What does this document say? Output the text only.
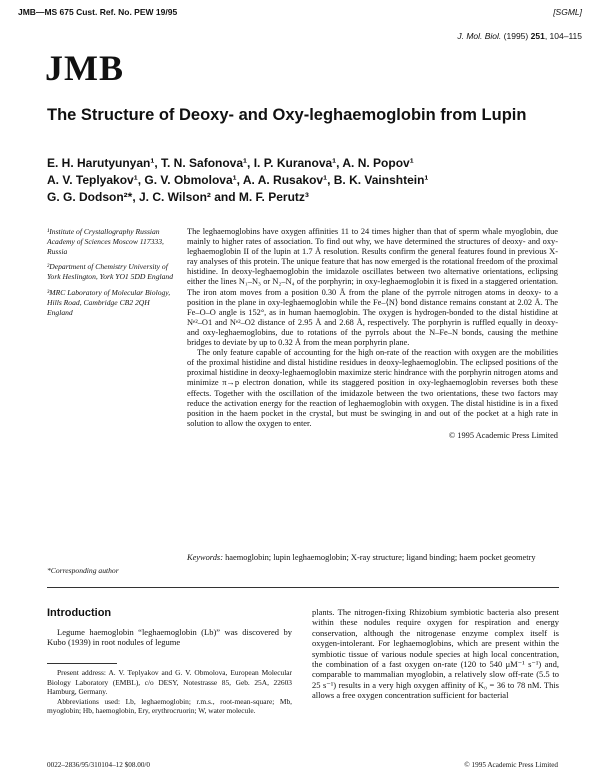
JMB—MS 675 Cust. Ref. No. PEW 19/95	[SGML]
J. Mol. Biol. (1995) 251, 104–115
JMB
The Structure of Deoxy- and Oxy-leghaemoglobin from Lupin
E. H. Harutyunyan¹, T. N. Safonova¹, I. P. Kuranova¹, A. N. Popov¹
A. V. Teplyakov¹, G. V. Obmolova¹, A. A. Rusakov¹, B. K. Vainshtein¹
G. G. Dodson²*, J. C. Wilson² and M. F. Perutz³
¹Institute of Crystallography Russian Academy of Sciences Moscow 117333, Russia
²Department of Chemistry University of York Heslington, York YO1 5DD England
³MRC Laboratory of Molecular Biology, Hills Road, Cambridge CB2 2QH England

The leghaemoglobins have oxygen affinities 11 to 24 times higher than that of sperm whale myoglobin, due mainly to higher rates of association. To find out why, we have determined the structures of deoxy- and oxy-leghaemoglobin II of the lupin at 1.7 Å resolution. Results confirm the general features found in previous X-ray analyses of this protein. The unique feature that has now emerged is the rotational freedom of the proximal histidine. In deoxy-leghaemoglobin the imidazole oscillates between two alternative orientations, eclipsing either the lines N₁–N₃ or N₂–N₄ of the porphyrin; in oxy-leghaemoglobin it is fixed in a staggered orientation. The iron atom moves from a position 0.30 Å from the plane of the pyrrole nitrogen atoms in deoxy- to a position in the plane in oxy-leghaemoglobin while the Fe–⟨N⟩ bond distance remains constant at 2.02 Å. The Fe–O–O angle is 152°, as in human haemoglobin. The oxygen is hydrogen-bonded to the distal histidine at Nᵉ²–O1 and Nᵉ²–O2 distance of 2.95 Å and 2.68 Å, respectively. The porphyrin is ruffled equally in deoxy- and oxy-leghaemoglobins, due to rotations of the pyrrols about the N–Fe–N bonds, causing the methine bridges to deviate by up to 0.32 Å from the mean porphyrin plane.

The only feature capable of accounting for the high on-rate of the reaction with oxygen are the mobilities of the proximal histidine and distal histidine residues in deoxy-leghaemoglobin. The eclipsed positions of the proximal histidine in deoxy-leghaemoglobin maximize steric hindrance with the porphyrin nitrogen atoms and minimize π→p electron donation, while its staggered position in oxy-leghaemoglobin reverses both these effects. Together with the oscillation of the imidazole between the two orientations, these two factors may reduce the activation energy for the reaction of leghaemoglobin with oxygen. The distal histidine is in a fixed position in the haem pocket in the crystal, but must be swinging in and out of the pocket at a high rate in solution to allow the oxygen to enter.

© 1995 Academic Press Limited
Keywords: haemoglobin; lupin leghaemoglobin; X-ray structure; ligand binding; haem pocket geometry
*Corresponding author
Introduction
Legume haemoglobin “leghaemoglobin (Lb)” was discovered by Kubo (1939) in root nodules of legume

Present address: A. V. Teplyakov and G. V. Obmolova, European Molecular Biology Laboratory (EMBL), c/o DESY, Notestrasse 85, Geb. 25A, 22603 Hamburg, Germany.

Abbreviations used: Lb, leghaemoglobin; r.m.s., root-mean-square; Mb, myoglobin; Hb, haemoglobin, Ery, erythrocruorin; W, water molecule.

plants. The nitrogen-fixing Rhizobium symbiotic bacteria also present within these nodules require oxygen for respiration and energy conservation, although the nitrogenase enzyme complex itself is oxygen-intolerant. For leghaemoglobins, which are present within the symbiotic tissue of various nodule species at high local concentration, the combination of a fast oxygen on-rate (120 to 540 μM⁻¹ s⁻¹) and, comparable to mammalian myoglobin, a relatively slow off-rate (5.5 to 25 s⁻¹) results in a very high oxygen affinity of K₀ = 36 to 78 nM. This allows a free oxygen concentration sufficient for bacterial
0022–2836/95/310104–12 $08.00/0	© 1995 Academic Press Limited
